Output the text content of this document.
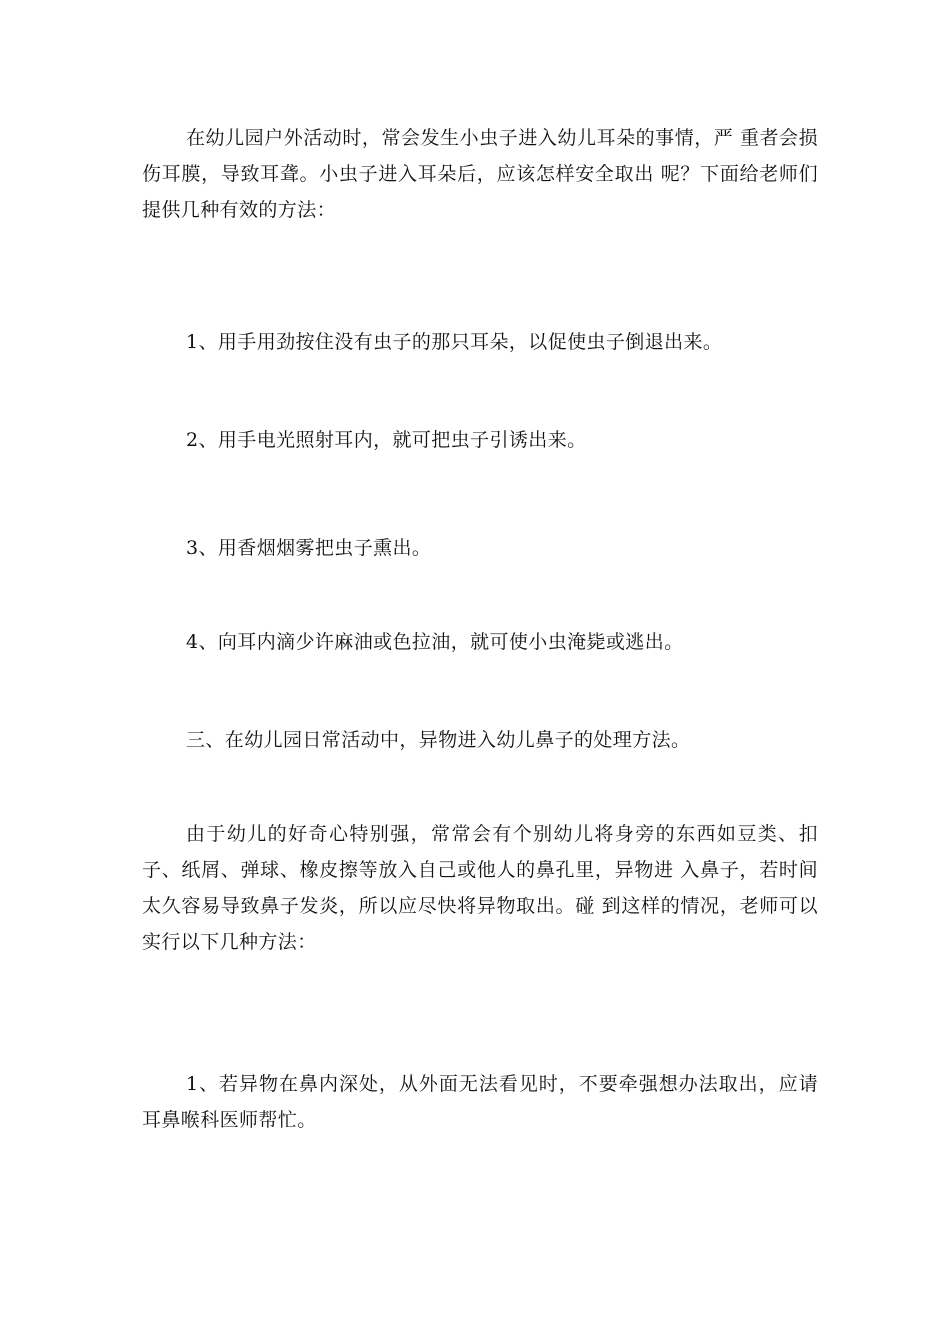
在幼儿园户外活动时，常会发生小虫子进入幼儿耳朵的事情，严 重者会损伤耳膜，导致耳聋。小虫子进入耳朵后，应该怎样安全取出 呢？下面给老师们提供几种有效的方法：

1、用手用劲按住没有虫子的那只耳朵，以促使虫子倒退出来。

2、用手电光照射耳内，就可把虫子引诱出来。

3、用香烟烟雾把虫子熏出。

4、向耳内滴少许麻油或色拉油，就可使小虫淹毙或逃出。

三、在幼儿园日常活动中，异物进入幼儿鼻子的处理方法。

由于幼儿的好奇心特别强，常常会有个别幼儿将身旁的东西如豆类、扣子、纸屑、弹球、橡皮擦等放入自己或他人的鼻孔里，异物进 入鼻子，若时间太久容易导致鼻子发炎，所以应尽快将异物取出。碰 到这样的情况，老师可以实行以下几种方法：

1、若异物在鼻内深处，从外面无法看见时，不要牵强想办法取出，应请耳鼻喉科医师帮忙。
